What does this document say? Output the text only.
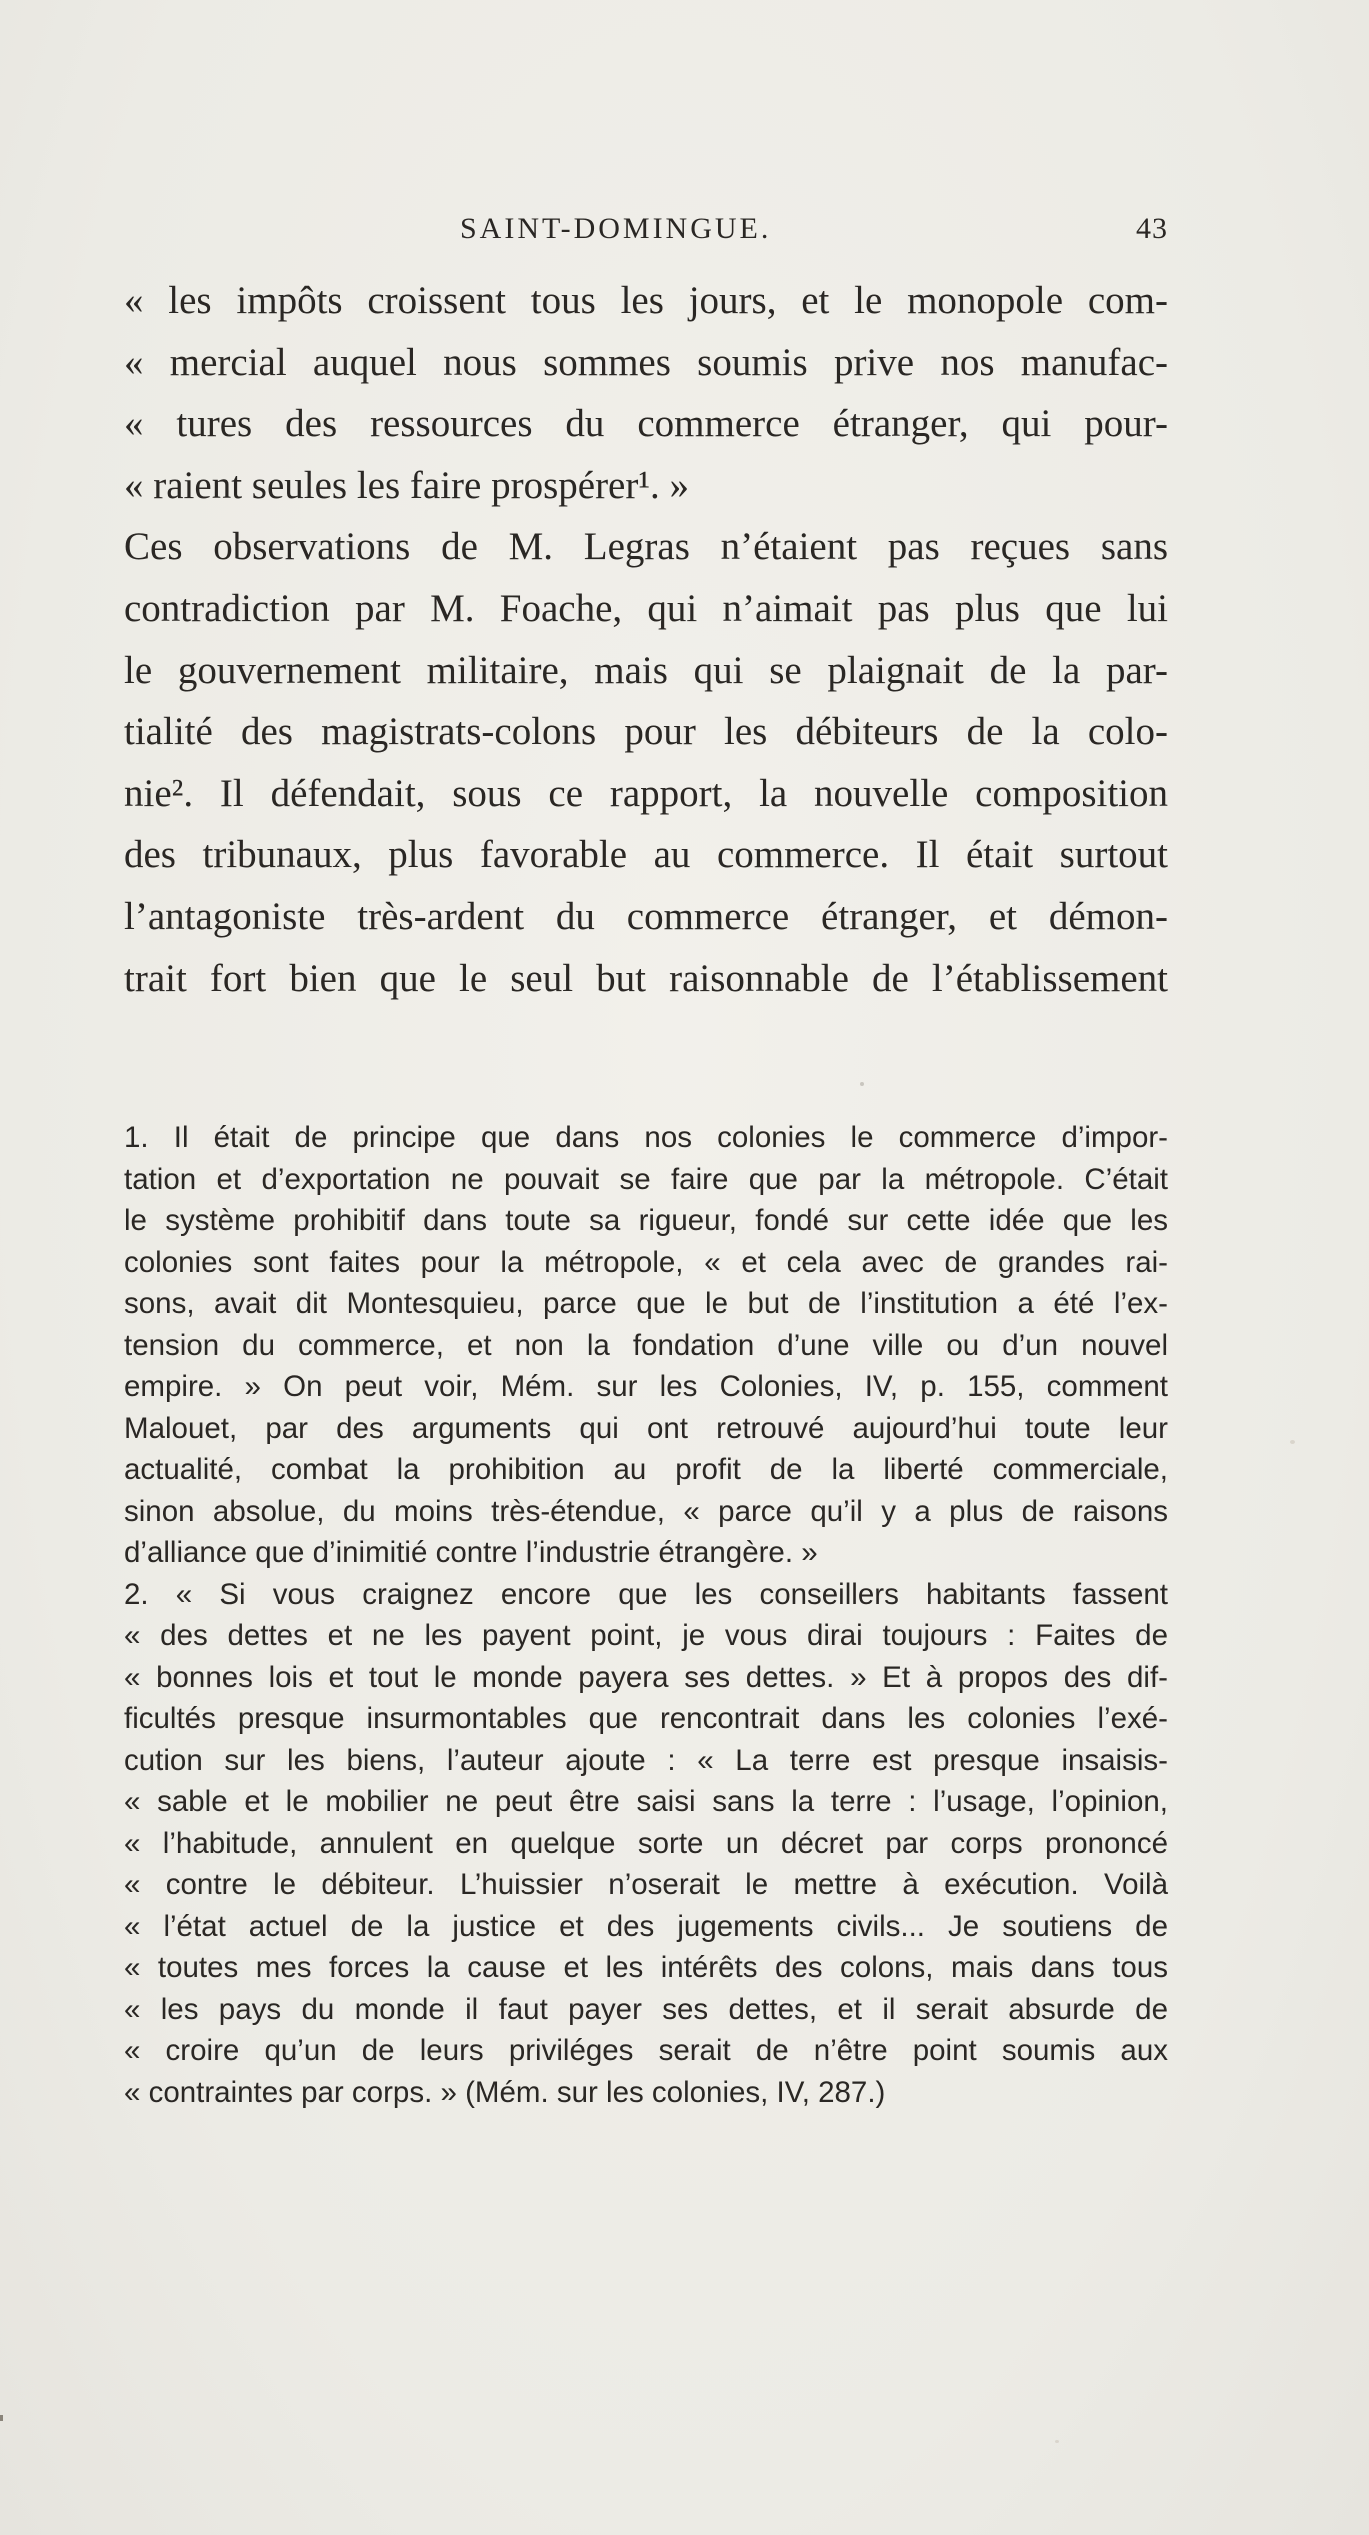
SAINT-DOMINGUE.	43
« les impôts croissent tous les jours, et le monopole com-
« mercial auquel nous sommes soumis prive nos manufac-
« tures des ressources du commerce étranger, qui pour-
« raient seules les faire prospérer¹. »
Ces observations de M. Legras n’étaient pas reçues sans
contradiction par M. Foache, qui n’aimait pas plus que lui
le gouvernement militaire, mais qui se plaignait de la par-
tialité des magistrats-colons pour les débiteurs de la colo-
nie². Il défendait, sous ce rapport, la nouvelle composition
des tribunaux, plus favorable au commerce. Il était surtout
l’antagoniste très-ardent du commerce étranger, et démon-
trait fort bien que le seul but raisonnable de l’établissement
1. Il était de principe que dans nos colonies le commerce d’impor-
tation et d’exportation ne pouvait se faire que par la métropole. C’était
le système prohibitif dans toute sa rigueur, fondé sur cette idée que les
colonies sont faites pour la métropole, « et cela avec de grandes rai-
sons, avait dit Montesquieu, parce que le but de l’institution a été l’ex-
tension du commerce, et non la fondation d’une ville ou d’un nouvel
empire. » On peut voir, Mém. sur les Colonies, IV, p. 155, comment
Malouet, par des arguments qui ont retrouvé aujourd’hui toute leur
actualité, combat la prohibition au profit de la liberté commerciale,
sinon absolue, du moins très-étendue, « parce qu’il y a plus de raisons
d’alliance que d’inimitié contre l’industrie étrangère. »
2. « Si vous craignez encore que les conseillers habitants fassent
« des dettes et ne les payent point, je vous dirai toujours : Faites de
« bonnes lois et tout le monde payera ses dettes. » Et à propos des dif-
ficultés presque insurmontables que rencontrait dans les colonies l’exé-
cution sur les biens, l’auteur ajoute : « La terre est presque insaisis-
« sable et le mobilier ne peut être saisi sans la terre : l’usage, l’opinion,
« l’habitude, annulent en quelque sorte un décret par corps prononcé
« contre le débiteur. L’huissier n’oserait le mettre à exécution. Voilà
« l’état actuel de la justice et des jugements civils... Je soutiens de
« toutes mes forces la cause et les intérêts des colons, mais dans tous
« les pays du monde il faut payer ses dettes, et il serait absurde de
« croire qu’un de leurs priviléges serait de n’être point soumis aux
« contraintes par corps. » (Mém. sur les colonies, IV, 287.)
